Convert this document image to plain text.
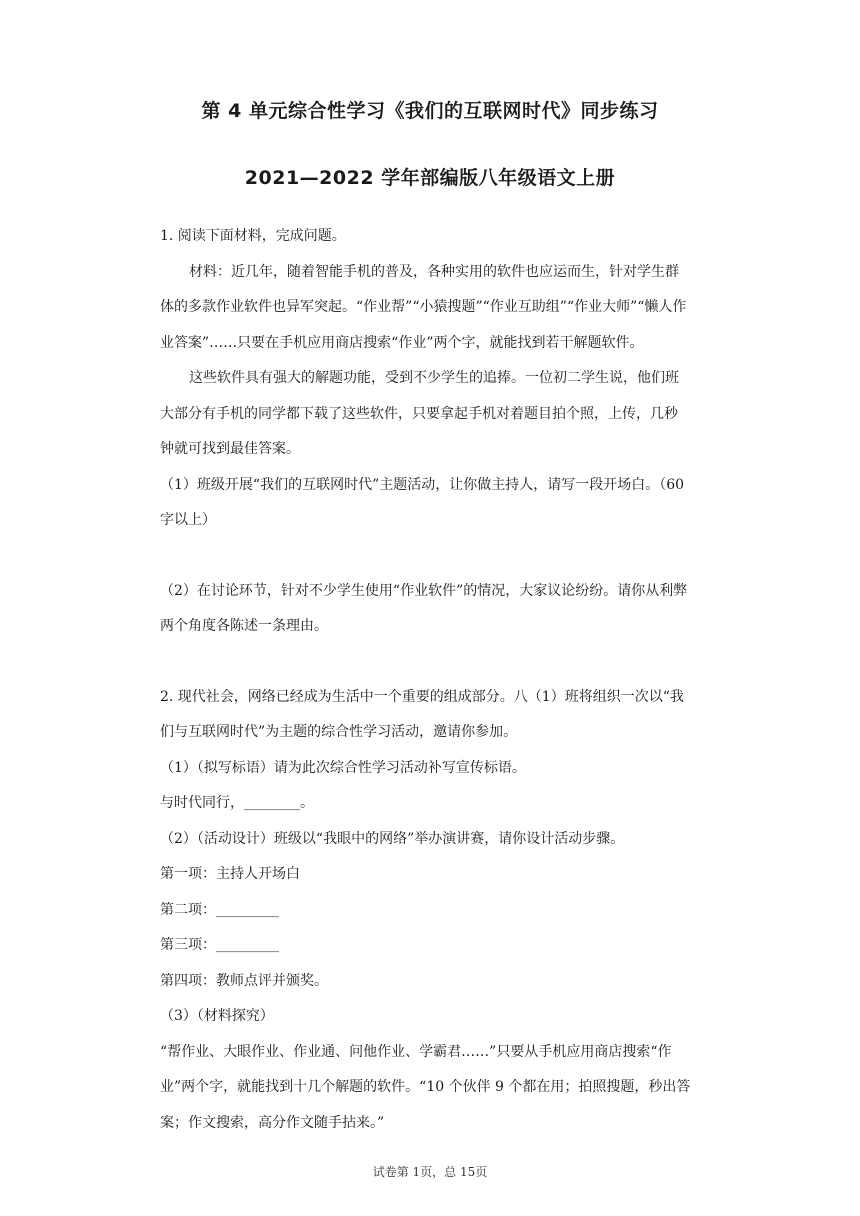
第 4 单元综合性学习《我们的互联网时代》同步练习
2021—2022 学年部编版八年级语文上册
1. 阅读下面材料，完成问题。
材料：近几年，随着智能手机的普及，各种实用的软件也应运而生，针对学生群
体的多款作业软件也异军突起。“作业帮”“小猿搜题”“作业互助组”“作业大师”“懒人作
业答案”……只要在手机应用商店搜索“作业”两个字，就能找到若干解题软件。
这些软件具有强大的解题功能，受到不少学生的追捧。一位初二学生说，他们班
大部分有手机的同学都下载了这些软件，只要拿起手机对着题目拍个照，上传，几秒
钟就可找到最佳答案。
（1）班级开展“我们的互联网时代”主题活动，让你做主持人，请写一段开场白。（60
字以上）
（2）在讨论环节，针对不少学生使用“作业软件”的情况，大家议论纷纷。请你从利弊
两个角度各陈述一条理由。
2. 现代社会，网络已经成为生活中一个重要的组成部分。八（1）班将组织一次以“我
们与互联网时代”为主题的综合性学习活动，邀请你参加。
（1）（拟写标语）请为此次综合性学习活动补写宣传标语。
与时代同行，________。
（2）（活动设计）班级以“我眼中的网络”举办演讲赛，请你设计活动步骤。
第一项：主持人开场白
第二项：_________
第三项：_________
第四项：教师点评并颁奖。
（3）（材料探究）
“帮作业、大眼作业、作业通、问他作业、学霸君……”只要从手机应用商店搜索“作
业”两个字，就能找到十几个解题的软件。“10 个伙伴 9 个都在用；拍照搜题，秒出答
案；作文搜索，高分作文随手拈来。”
试卷第 1页，总 15页
